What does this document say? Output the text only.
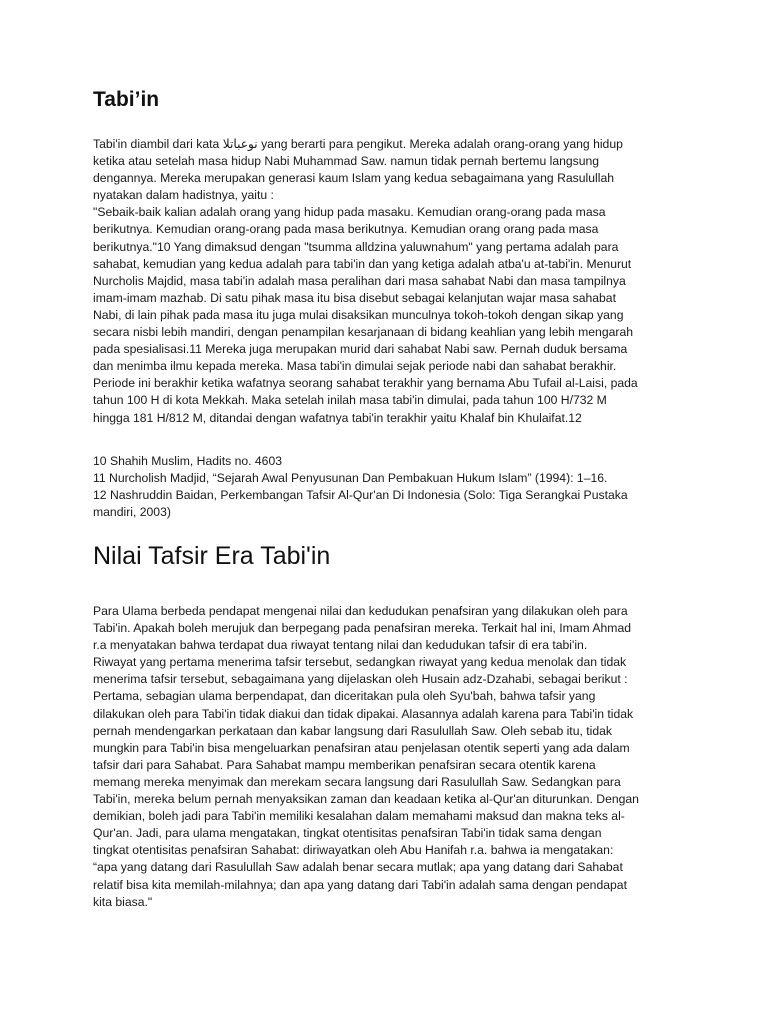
Tabi’in
Tabi'in diambil dari kata نوعباتلا yang berarti para pengikut. Mereka adalah orang-orang yang hidup
ketika atau setelah masa hidup Nabi Muhammad Saw. namun tidak pernah bertemu langsung
dengannya. Mereka merupakan generasi kaum Islam yang kedua sebagaimana yang Rasulullah
nyatakan dalam hadistnya, yaitu :
"Sebaik-baik kalian adalah orang yang hidup pada masaku. Kemudian orang-orang pada masa
berikutnya. Kemudian orang-orang pada masa berikutnya. Kemudian orang orang pada masa
berikutnya."10 Yang dimaksud dengan "tsumma alldzina yaluwnahum" yang pertama adalah para
sahabat, kemudian yang kedua adalah para tabi'in dan yang ketiga adalah atba'u at-tabi'in. Menurut
Nurcholis Majdid, masa tabi'in adalah masa peralihan dari masa sahabat Nabi dan masa tampilnya
imam-imam mazhab. Di satu pihak masa itu bisa disebut sebagai kelanjutan wajar masa sahabat
Nabi, di lain pihak pada masa itu juga mulai disaksikan munculnya tokoh-tokoh dengan sikap yang
secara nisbi lebih mandiri, dengan penampilan kesarjanaan di bidang keahlian yang lebih mengarah
pada spesialisasi.11 Mereka juga merupakan murid dari sahabat Nabi saw. Pernah duduk bersama
dan menimba ilmu kepada mereka. Masa tabi'in dimulai sejak periode nabi dan sahabat berakhir.
Periode ini berakhir ketika wafatnya seorang sahabat terakhir yang bernama Abu Tufail al-Laisi, pada
tahun 100 H di kota Mekkah. Maka setelah inilah masa tabi'in dimulai, pada tahun 100 H/732 M
hingga 181 H/812 M, ditandai dengan wafatnya tabi'in terakhir yaitu Khalaf bin Khulaifat.12
10 Shahih Muslim, Hadits no. 4603
11 Nurcholish Madjid, “Sejarah Awal Penyusunan Dan Pembakuan Hukum Islam” (1994): 1–16.
12 Nashruddin Baidan, Perkembangan Tafsir Al-Qur'an Di Indonesia (Solo: Tiga Serangkai Pustaka
mandiri, 2003)
Nilai Tafsir Era Tabi'in
Para Ulama berbeda pendapat mengenai nilai dan kedudukan penafsiran yang dilakukan oleh para
Tabi'in. Apakah boleh merujuk dan berpegang pada penafsiran mereka. Terkait hal ini, Imam Ahmad
r.a menyatakan bahwa terdapat dua riwayat tentang nilai dan kedudukan tafsir di era tabi'in.
Riwayat yang pertama menerima tafsir tersebut, sedangkan riwayat yang kedua menolak dan tidak
menerima tafsir tersebut, sebagaimana yang dijelaskan oleh Husain adz-Dzahabi, sebagai berikut :
Pertama, sebagian ulama berpendapat, dan diceritakan pula oleh Syu'bah, bahwa tafsir yang
dilakukan oleh para Tabi'in tidak diakui dan tidak dipakai. Alasannya adalah karena para Tabi'in tidak
pernah mendengarkan perkataan dan kabar langsung dari Rasulullah Saw. Oleh sebab itu, tidak
mungkin para Tabi'in bisa mengeluarkan penafsiran atau penjelasan otentik seperti yang ada dalam
tafsir dari para Sahabat. Para Sahabat mampu memberikan penafsiran secara otentik karena
memang mereka menyimak dan merekam secara langsung dari Rasulullah Saw. Sedangkan para
Tabi'in, mereka belum pernah menyaksikan zaman dan keadaan ketika al-Qur'an diturunkan. Dengan
demikian, boleh jadi para Tabi'in memiliki kesalahan dalam memahami maksud dan makna teks al-
Qur'an. Jadi, para ulama mengatakan, tingkat otentisitas penafsiran Tabi'in tidak sama dengan
tingkat otentisitas penafsiran Sahabat: diriwayatkan oleh Abu Hanifah r.a. bahwa ia mengatakan:
“apa yang datang dari Rasulullah Saw adalah benar secara mutlak; apa yang datang dari Sahabat
relatif bisa kita memilah-milahnya; dan apa yang datang dari Tabi'in adalah sama dengan pendapat
kita biasa."
